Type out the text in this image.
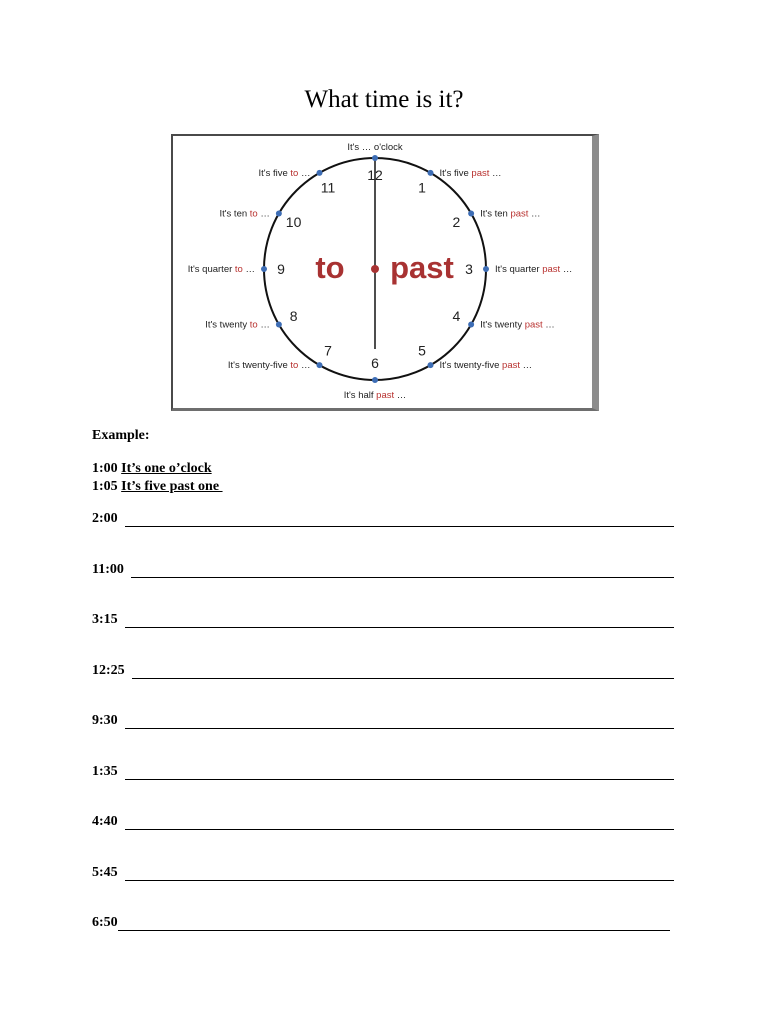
What time is it?
to past
12
1
2
3
4
5
6
7
8
9
10
11
It's … o'clock
It's half past …
It's five past …
It's ten past …
It's quarter past …
It's twenty past …
It's twenty-five past …
It's five to …
It's ten to …
It's quarter to …
It's twenty to …
It's twenty-five to …
Example:
1:00 It’s one o’clock
1:05 It’s five past one
2:00
11:00
3:15
12:25
9:30
1:35
4:40
5:45
6:50
